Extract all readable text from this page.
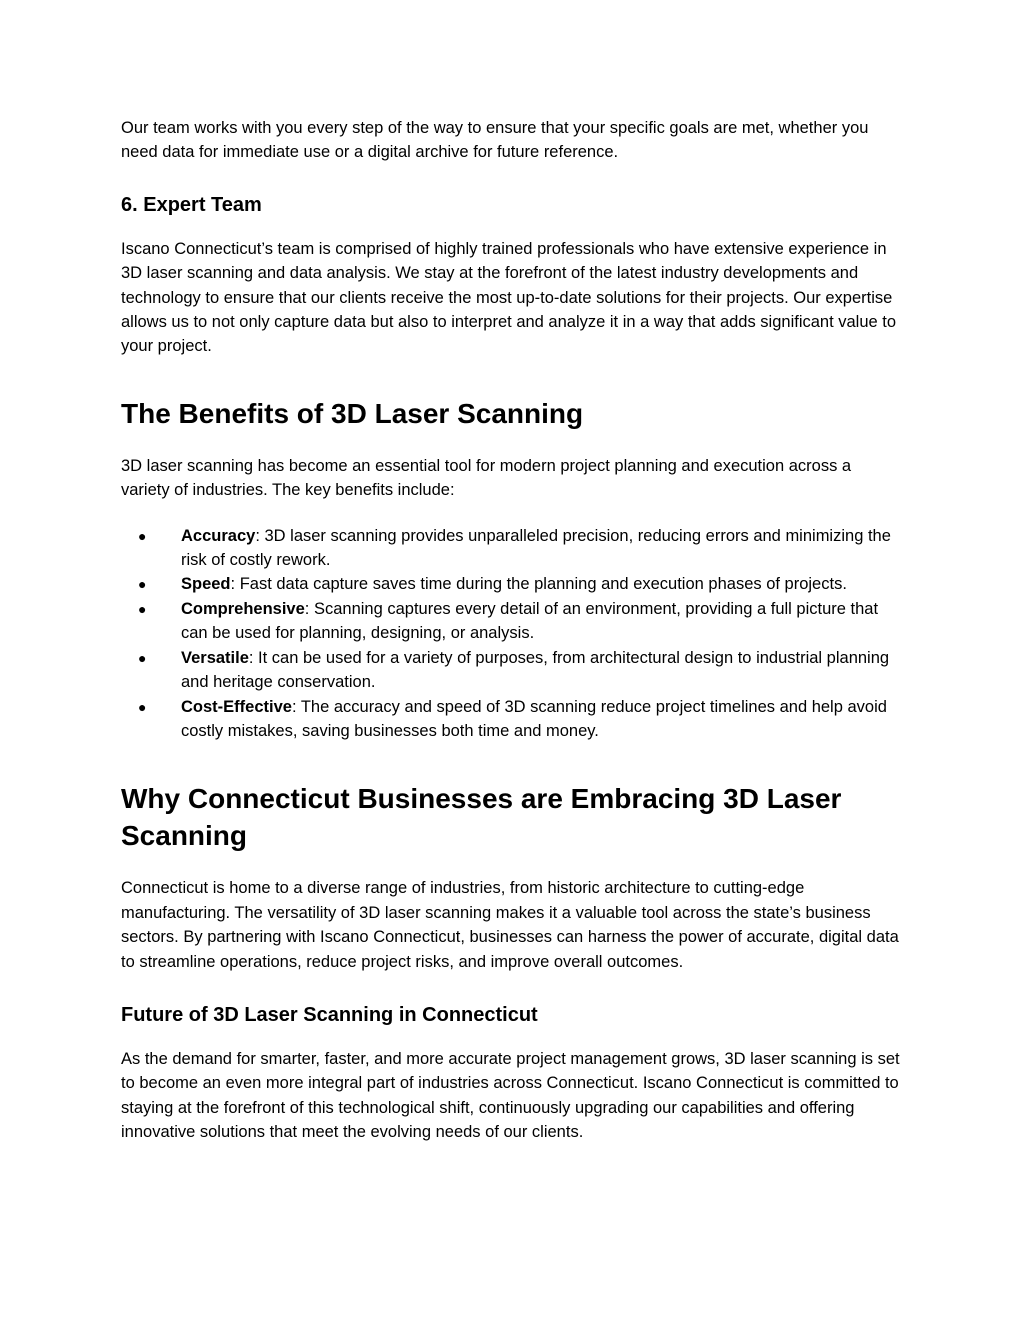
Our team works with you every step of the way to ensure that your specific goals are met, whether you need data for immediate use or a digital archive for future reference.

6. Expert Team

Iscano Connecticut’s team is comprised of highly trained professionals who have extensive experience in 3D laser scanning and data analysis. We stay at the forefront of the latest industry developments and technology to ensure that our clients receive the most up-to-date solutions for their projects. Our expertise allows us to not only capture data but also to interpret and analyze it in a way that adds significant value to your project.

The Benefits of 3D Laser Scanning

3D laser scanning has become an essential tool for modern project planning and execution across a variety of industries. The key benefits include:

● Accuracy: 3D laser scanning provides unparalleled precision, reducing errors and minimizing the risk of costly rework.
● Speed: Fast data capture saves time during the planning and execution phases of projects.
● Comprehensive: Scanning captures every detail of an environment, providing a full picture that can be used for planning, designing, or analysis.
● Versatile: It can be used for a variety of purposes, from architectural design to industrial planning and heritage conservation.
● Cost-Effective: The accuracy and speed of 3D scanning reduce project timelines and help avoid costly mistakes, saving businesses both time and money.
Why Connecticut Businesses are Embracing 3D Laser Scanning

Connecticut is home to a diverse range of industries, from historic architecture to cutting-edge manufacturing. The versatility of 3D laser scanning makes it a valuable tool across the state’s business sectors. By partnering with Iscano Connecticut, businesses can harness the power of accurate, digital data to streamline operations, reduce project risks, and improve overall outcomes.

Future of 3D Laser Scanning in Connecticut

As the demand for smarter, faster, and more accurate project management grows, 3D laser scanning is set to become an even more integral part of industries across Connecticut. Iscano Connecticut is committed to staying at the forefront of this technological shift, continuously upgrading our capabilities and offering innovative solutions that meet the evolving needs of our clients.
